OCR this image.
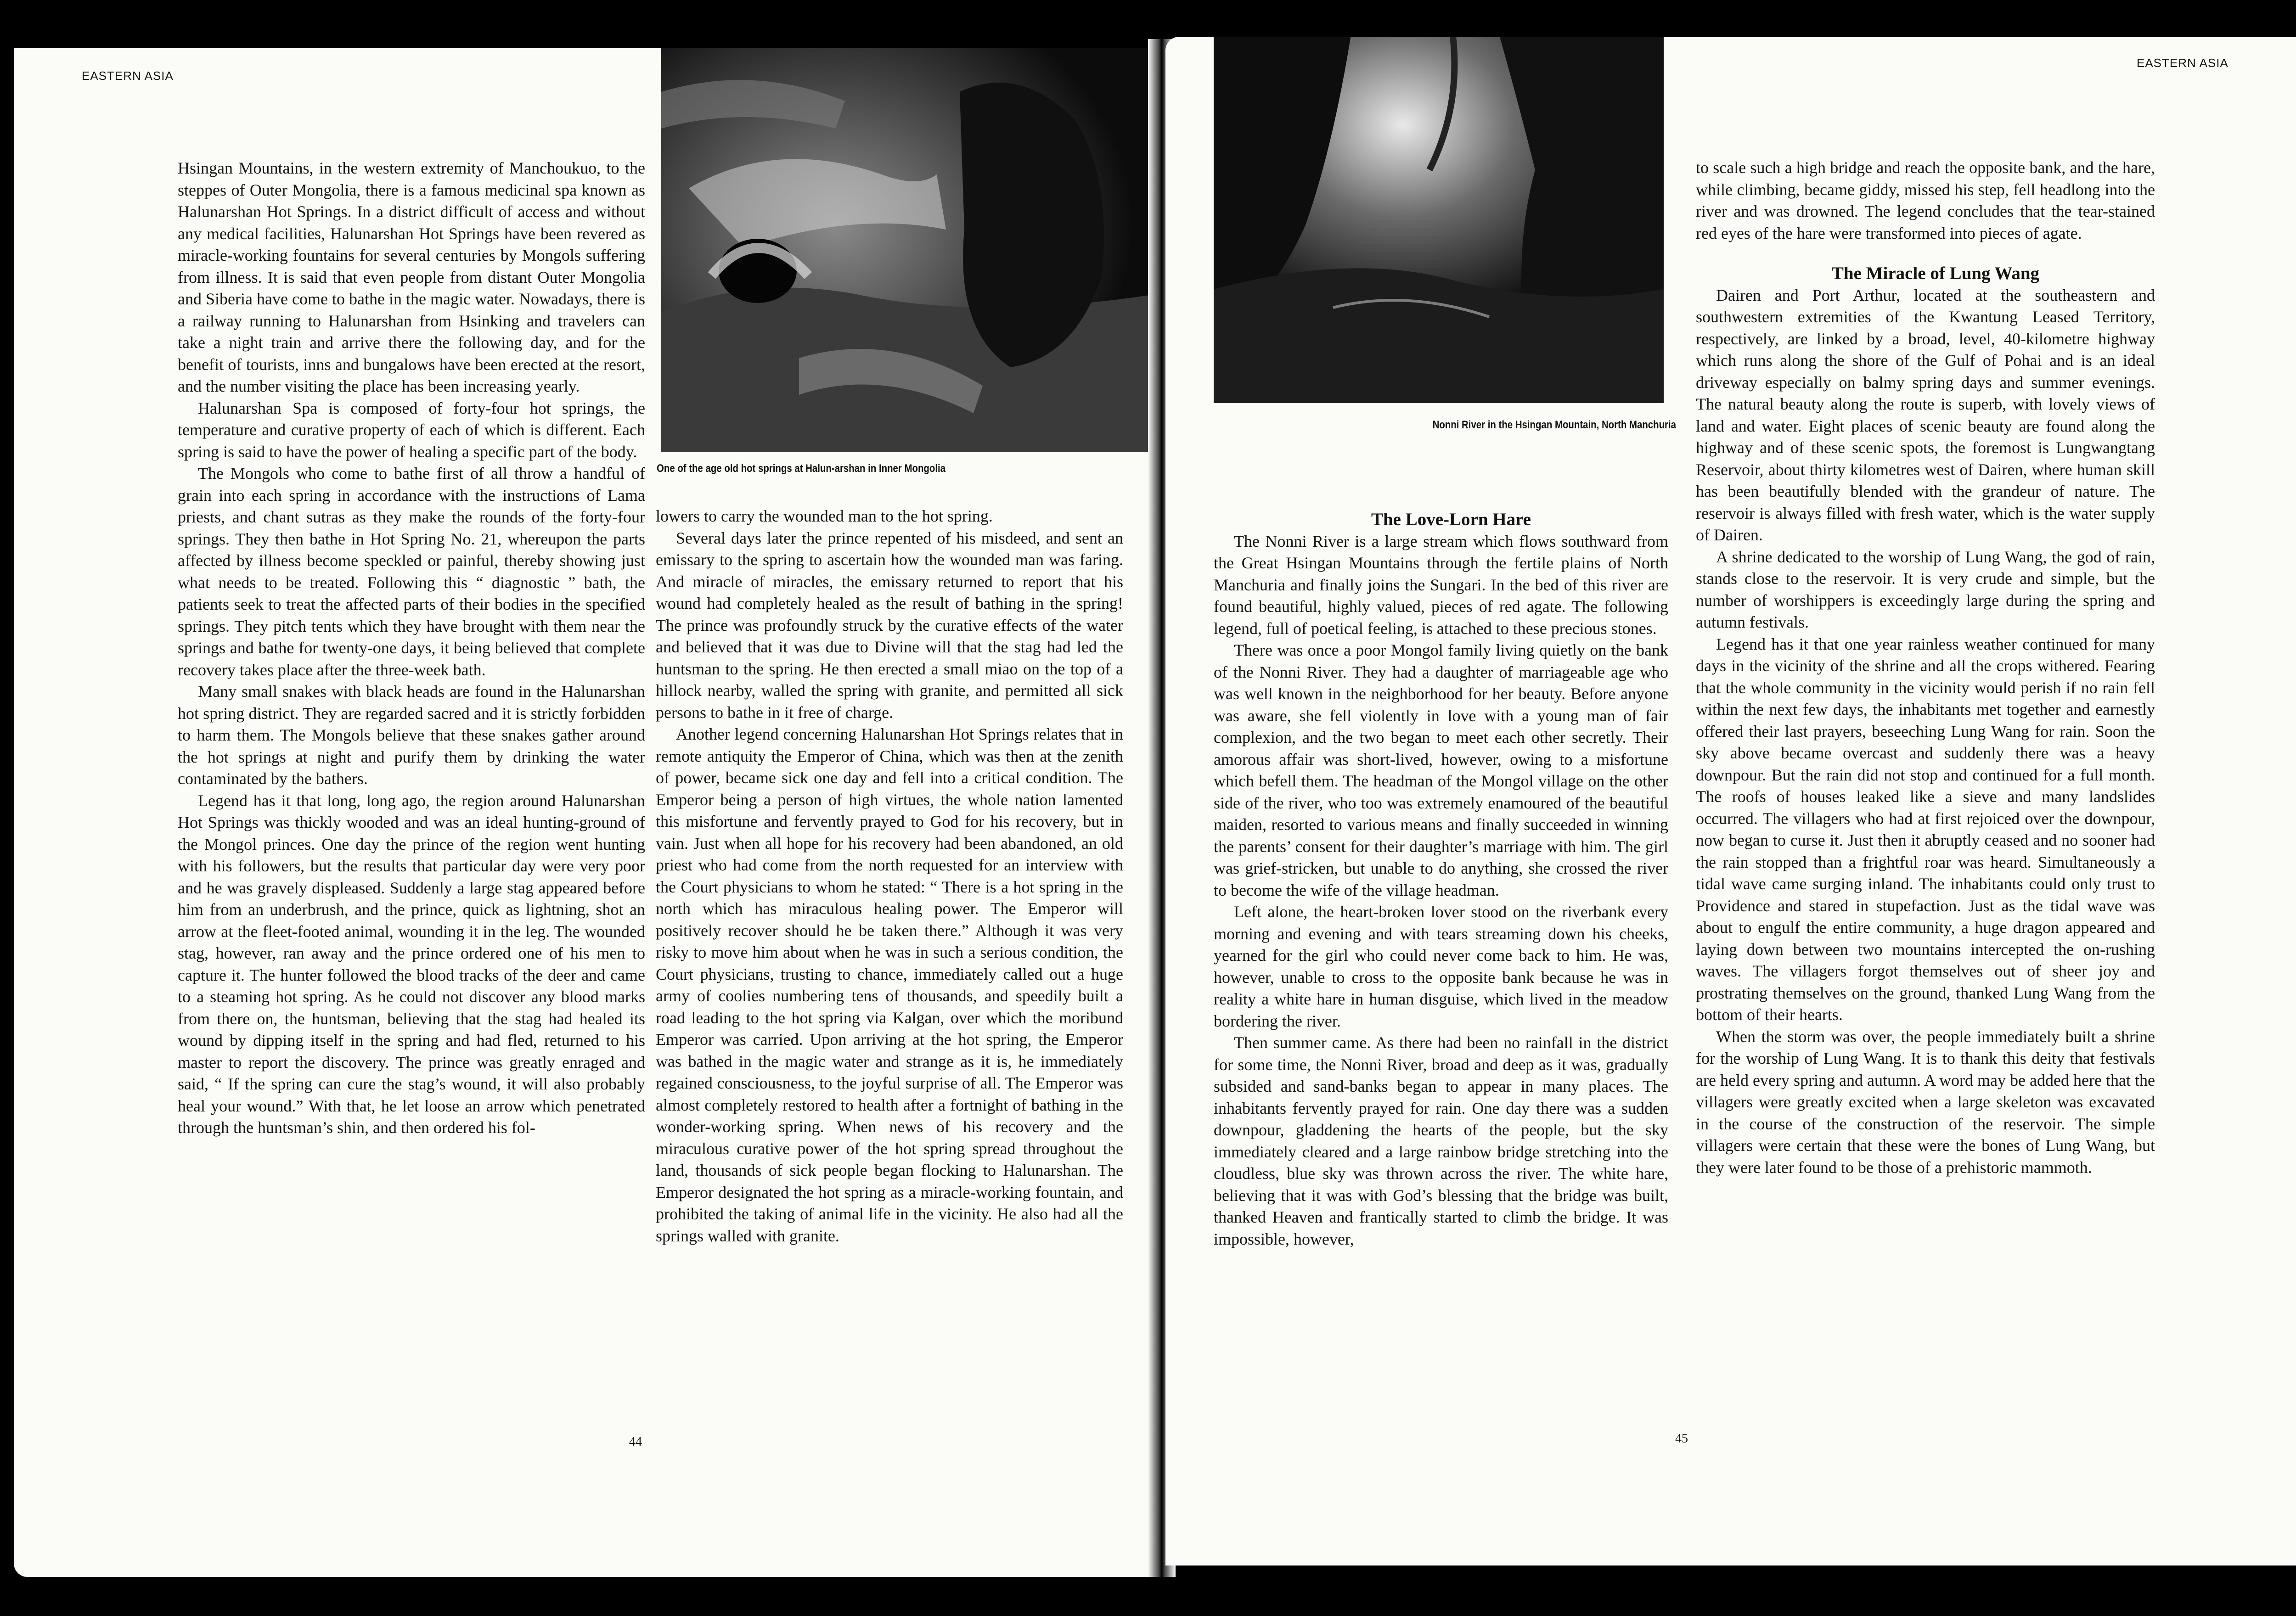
EASTERN ASIA
One of the age old hot springs at Halun-arshan in Inner Mongolia

Hsingan Mountains, in the western extremity of Manchoukuo, to the steppes of Outer Mongolia, there is a famous medicinal spa known as Halunarshan Hot Springs. In a district difficult of access and without any medical facilities, Halunarshan Hot Springs have been revered as miracle-working fountains for several centuries by Mongols suffering from illness. It is said that even people from distant Outer Mongolia and Siberia have come to bathe in the magic water. Nowadays, there is a railway running to Halunarshan from Hsinking and travelers can take a night train and arrive there the following day, and for the benefit of tourists, inns and bungalows have been erected at the resort, and the number visiting the place has been increasing yearly.

Halunarshan Spa is composed of forty-four hot springs, the temperature and curative property of each of which is different. Each spring is said to have the power of healing a specific part of the body.

The Mongols who come to bathe first of all throw a handful of grain into each spring in accordance with the instructions of Lama priests, and chant sutras as they make the rounds of the forty-four springs. They then bathe in Hot Spring No. 21, whereupon the parts affected by illness become speckled or painful, thereby showing just what needs to be treated. Following this “ diagnostic ” bath, the patients seek to treat the affected parts of their bodies in the specified springs. They pitch tents which they have brought with them near the springs and bathe for twenty-one days, it being believed that complete recovery takes place after the three-week bath.

Many small snakes with black heads are found in the Halunarshan hot spring district. They are regarded sacred and it is strictly forbidden to harm them. The Mongols believe that these snakes gather around the hot springs at night and purify them by drinking the water contaminated by the bathers.

Legend has it that long, long ago, the region around Halunarshan Hot Springs was thickly wooded and was an ideal hunting-ground of the Mongol princes. One day the prince of the region went hunting with his followers, but the results that particular day were very poor and he was gravely displeased. Suddenly a large stag appeared before him from an underbrush, and the prince, quick as lightning, shot an arrow at the fleet-footed animal, wounding it in the leg. The wounded stag, however, ran away and the prince ordered one of his men to capture it. The hunter followed the blood tracks of the deer and came to a steaming hot spring. As he could not discover any blood marks from there on, the huntsman, believing that the stag had healed its wound by dipping itself in the spring and had fled, returned to his master to report the discovery. The prince was greatly enraged and said, “ If the spring can cure the stag’s wound, it will also probably heal your wound.” With that, he let loose an arrow which penetrated through the huntsman’s shin, and then ordered his fol-

lowers to carry the wounded man to the hot spring.

Several days later the prince repented of his misdeed, and sent an emissary to the spring to ascertain how the wounded man was faring. And miracle of miracles, the emissary returned to report that his wound had completely healed as the result of bathing in the spring! The prince was profoundly struck by the curative effects of the water and believed that it was due to Divine will that the stag had led the huntsman to the spring. He then erected a small miao on the top of a hillock nearby, walled the spring with granite, and permitted all sick persons to bathe in it free of charge.

Another legend concerning Halunarshan Hot Springs relates that in remote antiquity the Emperor of China, which was then at the zenith of power, became sick one day and fell into a critical condition. The Emperor being a person of high virtues, the whole nation lamented this misfortune and fervently prayed to God for his recovery, but in vain. Just when all hope for his recovery had been abandoned, an old priest who had come from the north requested for an interview with the Court physicians to whom he stated: “ There is a hot spring in the north which has miraculous healing power. The Emperor will positively recover should he be taken there.” Although it was very risky to move him about when he was in such a serious condition, the Court physicians, trusting to chance, immediately called out a huge army of coolies numbering tens of thousands, and speedily built a road leading to the hot spring via Kalgan, over which the moribund Emperor was carried. Upon arriving at the hot spring, the Emperor was bathed in the magic water and strange as it is, he immediately regained consciousness, to the joyful surprise of all. The Emperor was almost completely restored to health after a fortnight of bathing in the wonder-working spring. When news of his recovery and the miraculous curative power of the hot spring spread throughout the land, thousands of sick people began flocking to Halunarshan. The Emperor designated the hot spring as a miracle-working fountain, and prohibited the taking of animal life in the vicinity. He also had all the springs walled with granite.

44
EASTERN ASIA
Nonni River in the Hsingan Mountain, North Manchuria

The Love-Lorn Hare

The Nonni River is a large stream which flows southward from the Great Hsingan Mountains through the fertile plains of North Manchuria and finally joins the Sungari. In the bed of this river are found beautiful, highly valued, pieces of red agate. The following legend, full of poetical feeling, is attached to these precious stones.

There was once a poor Mongol family living quietly on the bank of the Nonni River. They had a daughter of marriageable age who was well known in the neighborhood for her beauty. Before anyone was aware, she fell violently in love with a young man of fair complexion, and the two began to meet each other secretly. Their amorous affair was short-lived, however, owing to a misfortune which befell them. The headman of the Mongol village on the other side of the river, who too was extremely enamoured of the beautiful maiden, resorted to various means and finally succeeded in winning the parents’ consent for their daughter’s marriage with him. The girl was grief-stricken, but unable to do anything, she crossed the river to become the wife of the village headman.

Left alone, the heart-broken lover stood on the riverbank every morning and evening and with tears streaming down his cheeks, yearned for the girl who could never come back to him. He was, however, unable to cross to the opposite bank because he was in reality a white hare in human disguise, which lived in the meadow bordering the river.

Then summer came. As there had been no rainfall in the district for some time, the Nonni River, broad and deep as it was, gradually subsided and sand-banks began to appear in many places. The inhabitants fervently prayed for rain. One day there was a sudden downpour, gladdening the hearts of the people, but the sky immediately cleared and a large rainbow bridge stretching into the cloudless, blue sky was thrown across the river. The white hare, believing that it was with God’s blessing that the bridge was built, thanked Heaven and frantically started to climb the bridge. It was impossible, however,

to scale such a high bridge and reach the opposite bank, and the hare, while climbing, became giddy, missed his step, fell headlong into the river and was drowned. The legend concludes that the tear-stained red eyes of the hare were transformed into pieces of agate.

The Miracle of Lung Wang

Dairen and Port Arthur, located at the southeastern and southwestern extremities of the Kwantung Leased Territory, respectively, are linked by a broad, level, 40-kilometre highway which runs along the shore of the Gulf of Pohai and is an ideal driveway especially on balmy spring days and summer evenings. The natural beauty along the route is superb, with lovely views of land and water. Eight places of scenic beauty are found along the highway and of these scenic spots, the foremost is Lungwangtang Reservoir, about thirty kilometres west of Dairen, where human skill has been beautifully blended with the grandeur of nature. The reservoir is always filled with fresh water, which is the water supply of Dairen.

A shrine dedicated to the worship of Lung Wang, the god of rain, stands close to the reservoir. It is very crude and simple, but the number of worshippers is exceedingly large during the spring and autumn festivals.

Legend has it that one year rainless weather continued for many days in the vicinity of the shrine and all the crops withered. Fearing that the whole community in the vicinity would perish if no rain fell within the next few days, the inhabitants met together and earnestly offered their last prayers, beseeching Lung Wang for rain. Soon the sky above became overcast and suddenly there was a heavy downpour. But the rain did not stop and continued for a full month. The roofs of houses leaked like a sieve and many landslides occurred. The villagers who had at first rejoiced over the downpour, now began to curse it. Just then it abruptly ceased and no sooner had the rain stopped than a frightful roar was heard. Simultaneously a tidal wave came surging inland. The inhabitants could only trust to Providence and stared in stupefaction. Just as the tidal wave was about to engulf the entire community, a huge dragon appeared and laying down between two mountains intercepted the on-rushing waves. The villagers forgot themselves out of sheer joy and prostrating themselves on the ground, thanked Lung Wang from the bottom of their hearts.

When the storm was over, the people immediately built a shrine for the worship of Lung Wang. It is to thank this deity that festivals are held every spring and autumn. A word may be added here that the villagers were greatly excited when a large skeleton was excavated in the course of the construction of the reservoir. The simple villagers were certain that these were the bones of Lung Wang, but they were later found to be those of a prehistoric mammoth.

45
